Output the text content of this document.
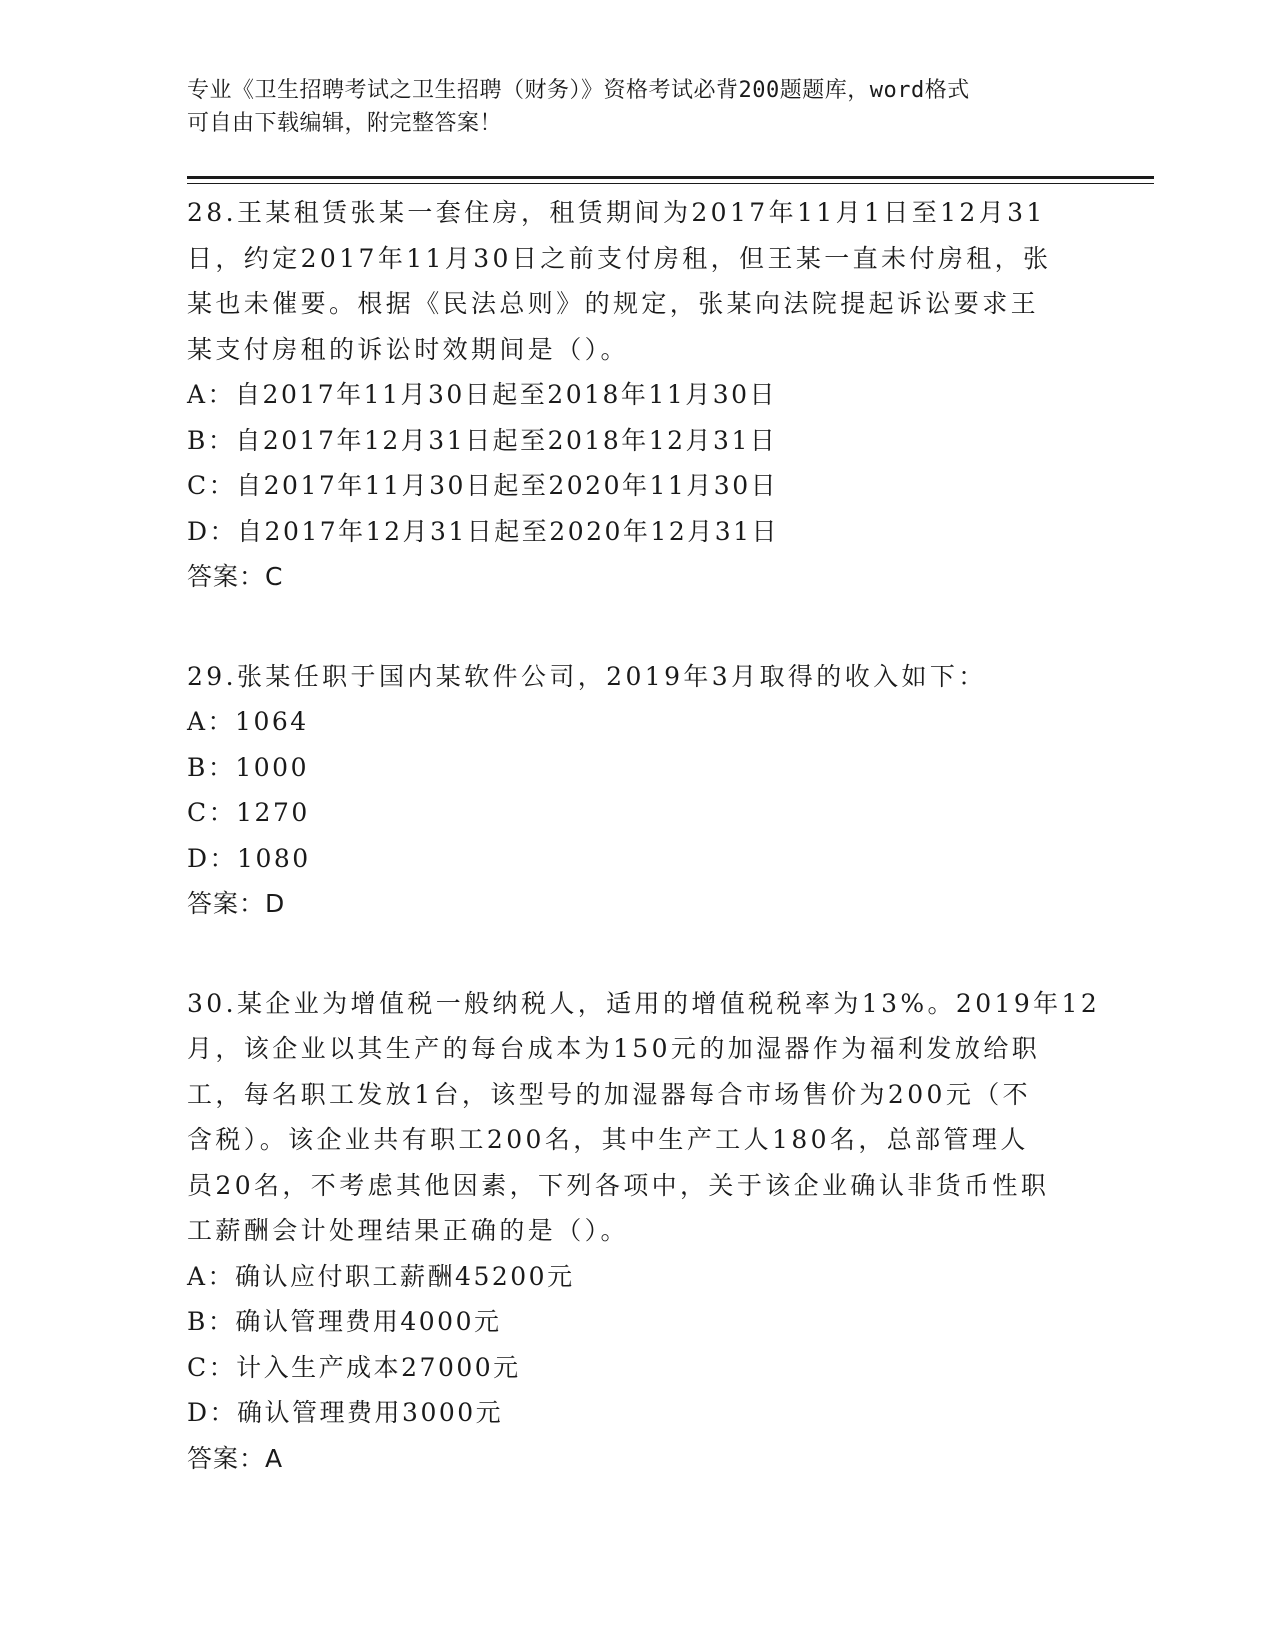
专业《卫生招聘考试之卫生招聘（财务）》资格考试必背200题题库，word格式
可自由下载编辑，附完整答案！
28.王某租赁张某一套住房，租赁期间为2017年11月1日至12月31
日，约定2017年11月30日之前支付房租，但王某一直未付房租，张
某也未催要。根据《民法总则》的规定，张某向法院提起诉讼要求王
某支付房租的诉讼时效期间是（）。
A：自2017年11月30日起至2018年11月30日
B：自2017年12月31日起至2018年12月31日
C：自2017年11月30日起至2020年11月30日
D：自2017年12月31日起至2020年12月31日
答案：C
29.张某任职于国内某软件公司，2019年3月取得的收入如下：
A：1064
B：1000
C：1270
D：1080
答案：D
30.某企业为增值税一般纳税人，适用的增值税税率为13%。2019年12
月，该企业以其生产的每台成本为150元的加湿器作为福利发放给职
工，每名职工发放1台，该型号的加湿器每合市场售价为200元（不
含税）。该企业共有职工200名，其中生产工人180名，总部管理人
员20名，不考虑其他因素，下列各项中，关于该企业确认非货币性职
工薪酬会计处理结果正确的是（）。
A：确认应付职工薪酬45200元
B：确认管理费用4000元
C：计入生产成本27000元
D：确认管理费用3000元
答案：A
